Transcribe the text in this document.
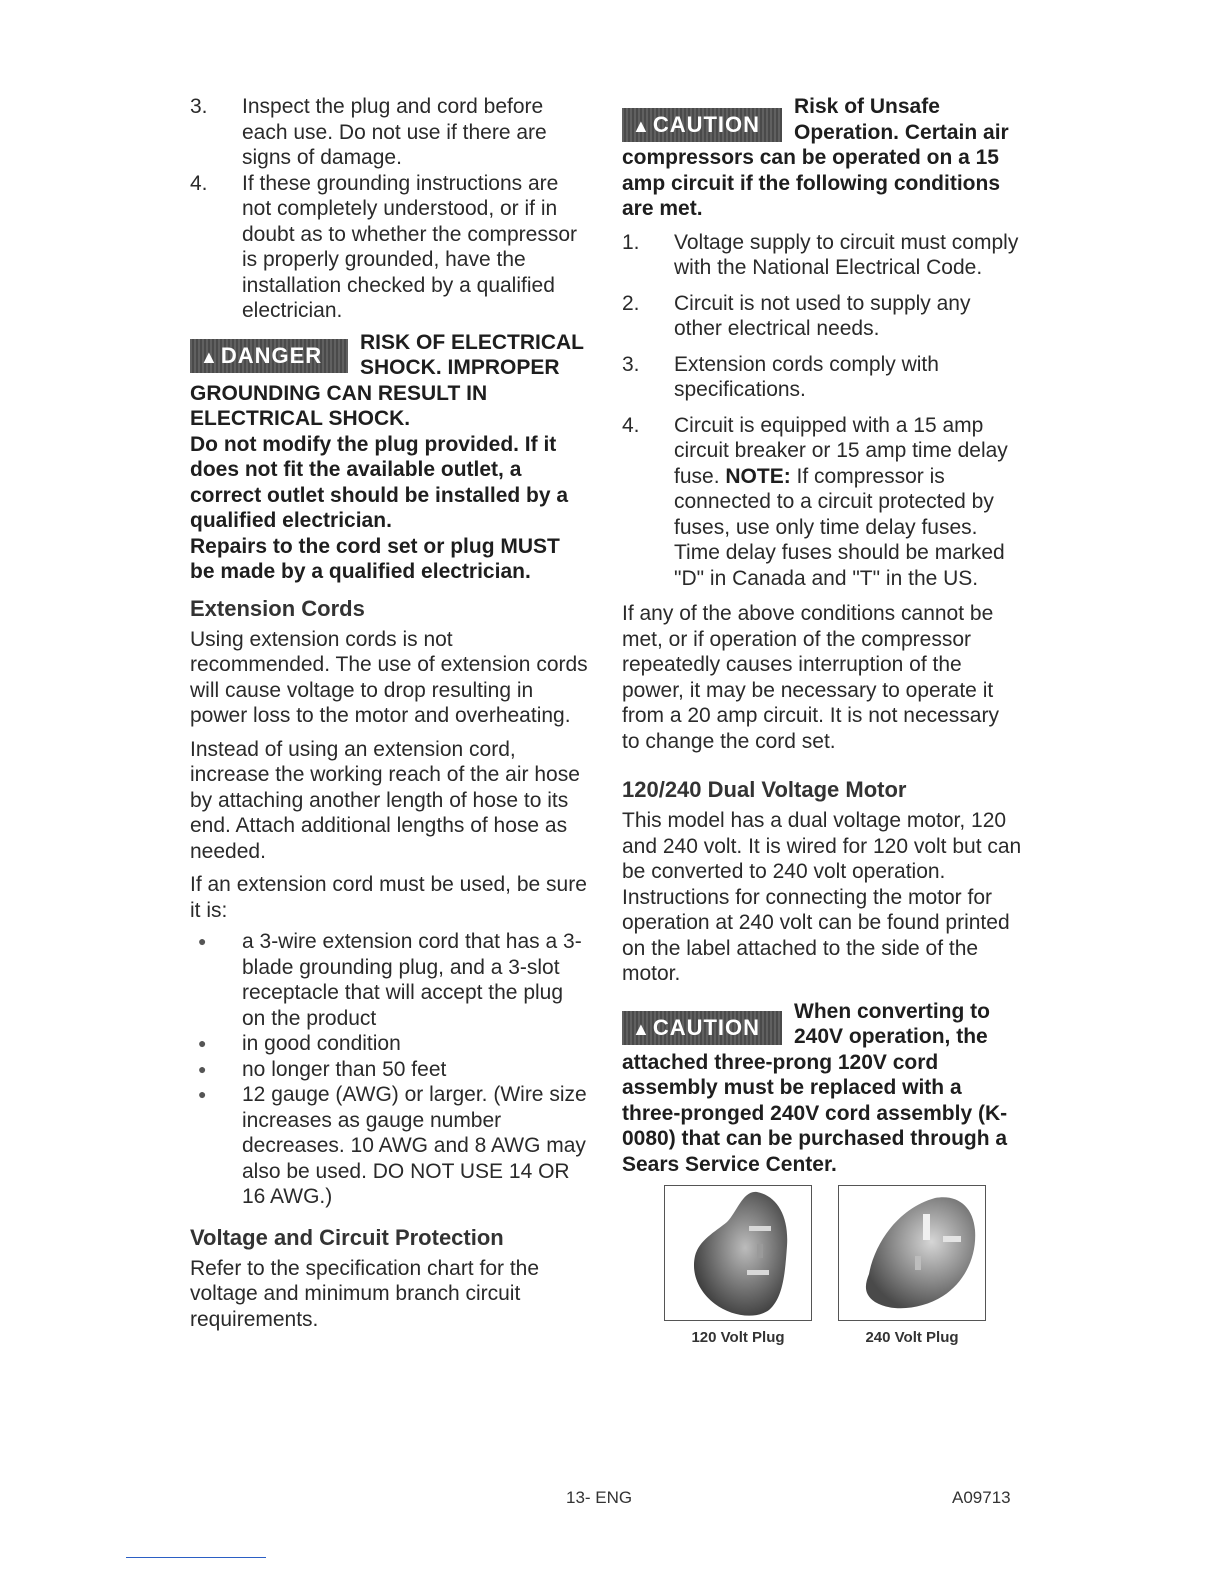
3. Inspect the plug and cord before each use. Do not use if there are signs of damage.
4. If these grounding instructions are not completely understood, or if in doubt as to whether the compressor is properly grounded, have the installation checked by a qualified electrician.
▲DANGER
RISK OF ELECTRICAL SHOCK. IMPROPER GROUNDING CAN RESULT IN ELECTRICAL SHOCK.

Do not modify the plug provided. If it does not fit the available outlet, a correct outlet should be installed by a qualified electrician.

Repairs to the cord set or plug MUST be made by a qualified electrician.

Extension Cords

Using extension cords is not recommended. The use of extension cords will cause voltage to drop resulting in power loss to the motor and overheating.

Instead of using an extension cord, increase the working reach of the air hose by attaching another length of hose to its end. Attach additional lengths of hose as needed.

If an extension cord must be used, be sure it is:

● a 3-wire extension cord that has a 3-blade grounding plug, and a 3-slot receptacle that will accept the plug on the product
● in good condition
● no longer than 50 feet
● 12 gauge (AWG) or larger. (Wire size increases as gauge number decreases. 10 AWG and 8 AWG may also be used. DO NOT USE 14 OR 16 AWG.)

Voltage and Circuit Protection

Refer to the specification chart for the voltage and minimum branch circuit requirements.

▲CAUTION
Risk of Unsafe Operation. Certain air compressors can be operated on a 15 amp circuit if the following conditions are met.
1. Voltage supply to circuit must comply with the National Electrical Code.
2. Circuit is not used to supply any other electrical needs.
3. Extension cords comply with specifications.
4. Circuit is equipped with a 15 amp circuit breaker or 15 amp time delay fuse. NOTE: If compressor is connected to a circuit protected by fuses, use only time delay fuses. Time delay fuses should be marked "D" in Canada and "T" in the US.

If any of the above conditions cannot be met, or if operation of the compressor repeatedly causes interruption of the power, it may be necessary to operate it from a 20 amp circuit. It is not necessary to change the cord set.

120/240 Dual Voltage Motor

This model has a dual voltage motor, 120 and 240 volt. It is wired for 120 volt but can be converted to 240 volt operation. Instructions for connecting the motor for operation at 240 volt can be found printed on the label attached to the side of the motor.

▲CAUTION
When converting to 240V operation, the attached three-prong 120V cord assembly must be replaced with a three-pronged 240V cord assembly (K-0080) that can be purchased through a Sears Service Center.
120 Volt Plug	240 Volt Plug
13- ENG	A09713
